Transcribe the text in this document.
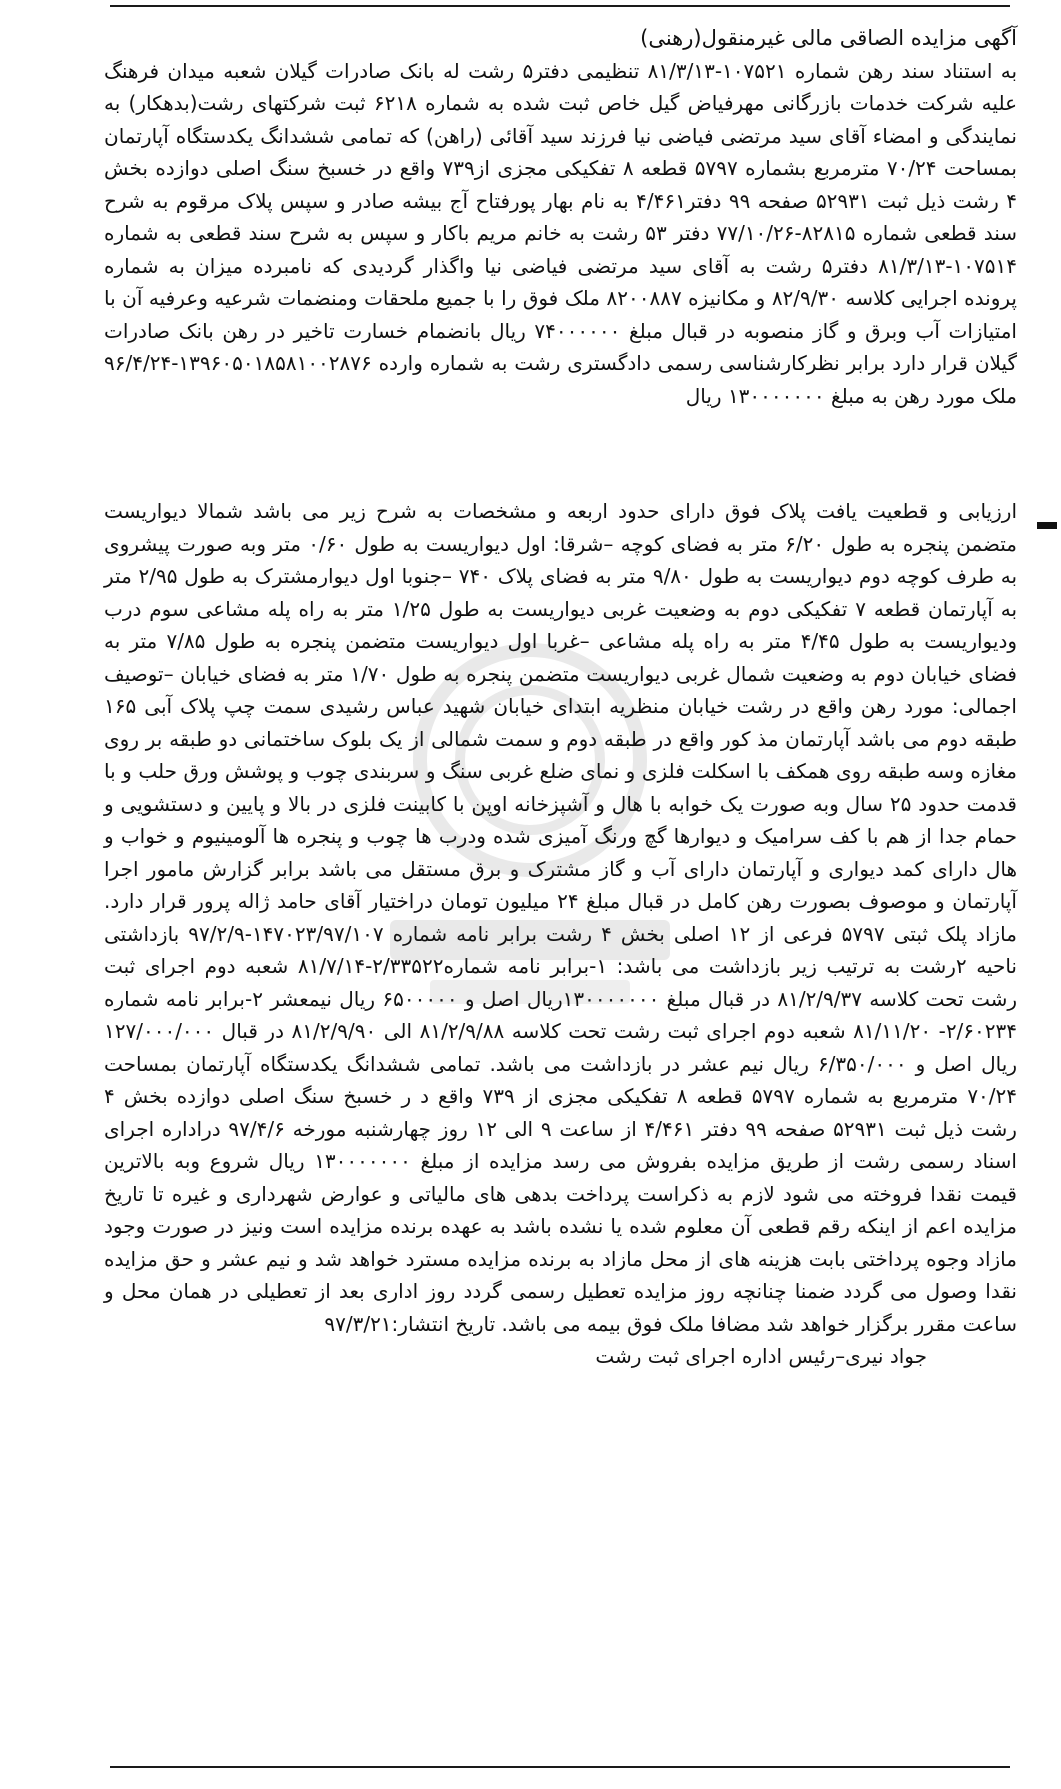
آگهی مزایده الصاقی مالی غیرمنقول(رهنی)

به استناد سند رهن شماره ۱۰۷۵۲۱-۸۱/۳/۱۳ تنظیمی دفتر۵ رشت له بانک صادرات گیلان شعبه میدان فرهنگ علیه شرکت خدمات بازرگانی مهرفیاض گیل خاص ثبت شده به شماره ۶۲۱۸ ثبت شرکتهای رشت(بدهکار) به نمایندگی و امضاء آقای سید مرتضی فیاضی نیا فرزند سید آقائی (راهن) که تمامی ششدانگ یکدستگاه آپارتمان بمساحت ۷۰/۲۴ مترمربع بشماره ۵۷۹۷ قطعه ۸ تفکیکی مجزی از۷۳۹ واقع در خسبخ سنگ اصلی دوازده بخش ۴ رشت ذیل ثبت ۵۲۹۳۱ صفحه ۹۹ دفتر۴/۴۶۱ به نام بهار پورفتاح آج بیشه صادر و سپس پلاک مرقوم به شرح سند قطعی شماره ۸۲۸۱۵-۷۷/۱۰/۲۶ دفتر ۵۳ رشت به خانم مریم باکار و سپس به شرح سند قطعی به شماره ۱۰۷۵۱۴-۸۱/۳/۱۳ دفتر۵ رشت به آقای سید مرتضی فیاضی نیا واگذار گردیدی که نامبرده میزان به شماره پرونده اجرایی کلاسه ۸۲/۹/۳۰ و مکانیزه ۸۲۰۰۸۸۷ ملک فوق را با جمیع ملحقات ومنضمات شرعیه وعرفیه آن با امتیازات آب وبرق و گاز منصوبه در قبال مبلغ ۷۴۰۰۰۰۰۰ ریال بانضمام خسارت تاخیر در رهن بانک صادرات گیلان قرار دارد برابر نظرکارشناسی رسمی دادگستری رشت به شماره وارده ۱۳۹۶۰۵۰۱۸۵۸۱۰۰۲۸۷۶-۹۶/۴/۲۴ ملک مورد رهن به مبلغ ۱۳۰۰۰۰۰۰۰ ریال

ارزیابی و قطعیت یافت پلاک فوق دارای حدود اربعه و مشخصات به شرح زیر می باشد شمالا دیواریست متضمن پنجره به طول ۶/۲۰ متر به فضای کوچه –شرقا: اول دیواریست به طول ۰/۶۰ متر وبه صورت پیشروی به طرف کوچه دوم دیواریست به طول ۹/۸۰ متر به فضای پلاک ۷۴۰ –جنوبا اول دیوارمشترک به طول ۲/۹۵ متر به آپارتمان قطعه ۷ تفکیکی دوم به وضعیت غربی دیواریست به طول ۱/۲۵ متر به راه پله مشاعی سوم درب ودیواریست به طول ۴/۴۵ متر به راه پله مشاعی –غربا اول دیواریست متضمن پنجره به طول ۷/۸۵ متر به فضای خیابان دوم به وضعیت شمال غربی دیواریست متضمن پنجره به طول ۱/۷۰ متر به فضای خیابان –توصیف اجمالی: مورد رهن واقع در رشت خیابان منظریه ابتدای خیابان شهید عباس رشیدی سمت چپ پلاک آبی ۱۶۵ طبقه دوم می باشد آپارتمان مذ کور واقع در طبقه دوم و سمت شمالی از یک بلوک ساختمانی دو طبقه بر روی مغازه وسه طبقه روی همکف با اسکلت فلزی و نمای ضلع غربی سنگ و سربندی چوب و پوشش ورق حلب و با قدمت حدود ۲۵ سال وبه صورت یک خوابه با هال و آشپزخانه اوپن با کابینت فلزی در بالا و پایین و دستشویی و حمام جدا از هم با کف سرامیک و دیوارها گچ ورنگ آمیزی شده ودرب ها چوب و پنجره ها آلومینیوم و خواب و هال دارای کمد دیواری و آپارتمان دارای آب و گاز مشترک و برق مستقل می باشد برابر گزارش مامور اجرا آپارتمان و موصوف بصورت رهن کامل در قبال مبلغ ۲۴ میلیون تومان دراختیار آقای حامد ژاله پرور قرار دارد. مازاد پلک ثبتی ۵۷۹۷ فرعی از ۱۲ اصلی بخش ۴ رشت برابر نامه شماره ۱۴۷۰۲۳/۹۷/۱۰۷-۹۷/۲/۹ بازداشتی ناحیه ۲رشت به ترتیب زیر بازداشت می باشد: ۱-برابر نامه شماره۲/۳۳۵۲۲-۸۱/۷/۱۴ شعبه دوم اجرای ثبت رشت تحت کلاسه ۸۱/۲/۹/۳۷ در قبال مبلغ ۱۳۰۰۰۰۰۰۰ریال اصل و ۶۵۰۰۰۰۰ ریال نیمعشر ۲-برابر نامه شماره ۲/۶۰۲۳۴- ۸۱/۱۱/۲۰ شعبه دوم اجرای ثبت رشت تحت کلاسه ۸۱/۲/۹/۸۸ الی ۸۱/۲/۹/۹۰ در قبال ۱۲۷/۰۰۰/۰۰۰ ریال اصل و ۶/۳۵۰/۰۰۰ ریال نیم عشر در بازداشت می باشد. تمامی ششدانگ یکدستگاه آپارتمان بمساحت ۷۰/۲۴ مترمربع به شماره ۵۷۹۷ قطعه ۸ تفکیکی مجزی از ۷۳۹ واقع د ر خسبخ سنگ اصلی دوازده بخش ۴ رشت ذیل ثبت ۵۲۹۳۱ صفحه ۹۹ دفتر ۴/۴۶۱ از ساعت ۹ الی ۱۲ روز چهارشنبه مورخه ۹۷/۴/۶ دراداره اجرای اسناد رسمی رشت از طریق مزایده بفروش می رسد مزایده از مبلغ ۱۳۰۰۰۰۰۰۰ ریال شروع وبه بالاترین قیمت نقدا فروخته می شود لازم به ذکراست پرداخت بدهی های مالیاتی و عوارض شهرداری و غیره تا تاریخ مزایده اعم از اینکه رقم قطعی آن معلوم شده یا نشده باشد به عهده برنده مزایده است ونیز در صورت وجود مازاد وجوه پرداختی بابت هزینه های از محل مازاد به برنده مزایده مسترد خواهد شد و نیم عشر و حق مزایده نقدا وصول می گردد ضمنا چنانچه روز مزایده تعطیل رسمی گردد روز اداری بعد از تعطیلی در همان محل و ساعت مقرر برگزار خواهد شد مضافا ملک فوق بیمه می باشد. تاریخ انتشار:۹۷/۳/۲۱

جواد نیری–رئیس اداره اجرای ثبت رشت
